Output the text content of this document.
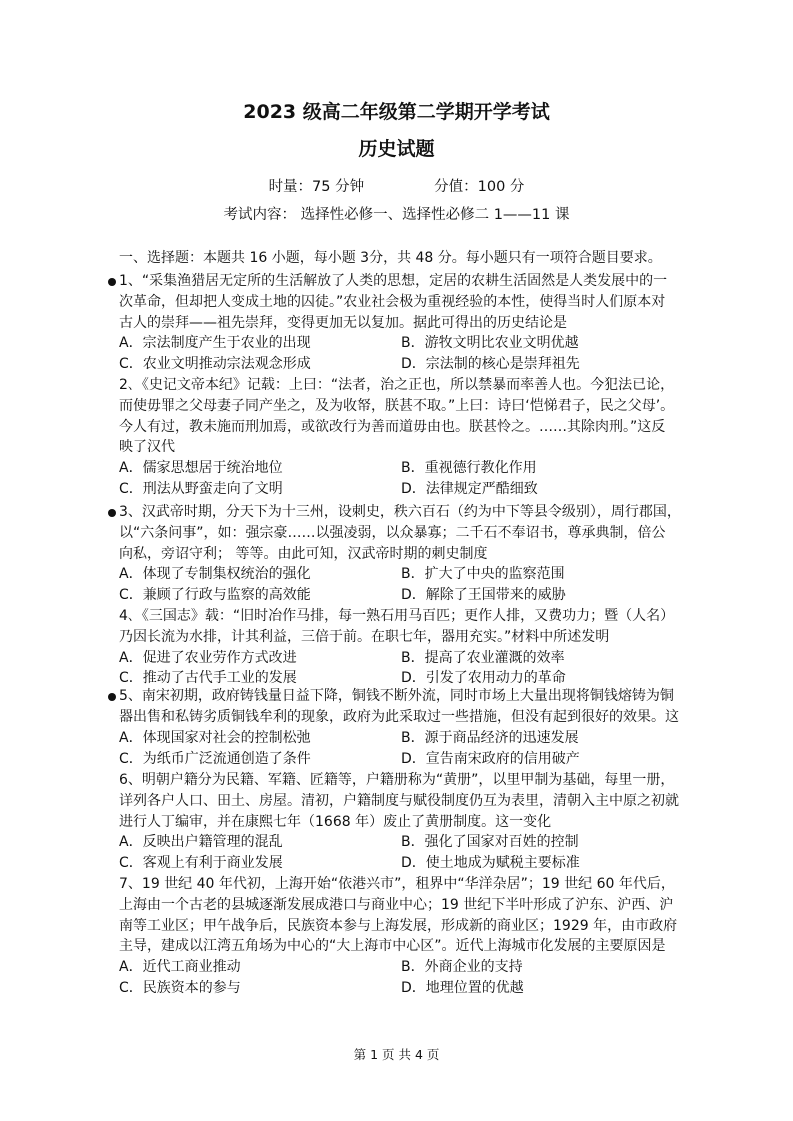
2023 级高二年级第二学期开学考试
历史试题
时量：75 分钟	分值：100 分
考试内容： 选择性必修一、选择性必修二 1——11 课
一、选择题：本题共 16 小题，每小题 3分，共 48 分。每小题只有一项符合题目要求。
1、“采集渔猎居无定所的生活解放了人类的思想，定居的农耕生活固然是人类发展中的一
次革命，但却把人变成土地的囚徒。”农业社会极为重视经验的本性，使得当时人们原本对
古人的崇拜——祖先崇拜，变得更加无以复加。据此可得出的历史结论是
A．宗法制度产生于农业的出现	B．游牧文明比农业文明优越
C．农业文明推动宗法观念形成	D．宗法制的核心是崇拜祖先
2､《史记文帝本纪》记载：上曰：“法者，治之正也，所以禁暴而率善人也。今犯法已论，
而使毋罪之父母妻子同产坐之，及为收帑，朕甚不取。”上曰：诗曰‘恺悌君子，民之父母’。
今人有过，教未施而刑加焉，或欲改行为善而道毋由也。朕甚怜之。……其除肉刑。”这反
映了汉代
A．儒家思想居于统治地位	B．重视德行教化作用
C．刑法从野蛮走向了文明	D．法律规定严酷细致
3、汉武帝时期，分天下为十三州，设刺史，秩六百石（约为中下等县令级别），周行郡国，
以“六条问事”，如：强宗豪……以强凌弱，以众暴寡；二千石不奉诏书，尊承典制，倍公
向私，旁诏守利； 等等。由此可知，汉武帝时期的刺史制度
A．体现了专制集权统治的强化	B．扩大了中央的监察范围
C．兼顾了行政与监察的高效能	D．解除了王国带来的威胁
4､《三国志》载：“旧时冶作马排，每一熟石用马百匹；更作人排，又费功力；暨（人名）
乃因长流为水排，计其利益，三倍于前。在职七年，器用充实。”材料中所述发明
A．促进了农业劳作方式改进	B．提高了农业灌溉的效率
C．推动了古代手工业的发展	D．引发了农用动力的革命
5、南宋初期，政府铸钱量日益下降，铜钱不断外流，同时市场上大量出现将铜钱熔铸为铜
器出售和私铸劣质铜钱牟利的现象，政府为此采取过一些措施，但没有起到很好的效果。这
A．体现国家对社会的控制松弛	B．源于商品经济的迅速发展
C．为纸币广泛流通创造了条件	D．宣告南宋政府的信用破产
6、明朝户籍分为民籍、军籍、匠籍等，户籍册称为“黄册”，以里甲制为基础，每里一册，
详列各户人口、田土、房屋。清初，户籍制度与赋役制度仍互为表里，清朝入主中原之初就
进行人丁编审，并在康熙七年（1668 年）废止了黄册制度。这一变化
A．反映出户籍管理的混乱	B．强化了国家对百姓的控制
C．客观上有利于商业发展	D．使土地成为赋税主要标准
7、19 世纪 40 年代初，上海开始“依港兴市”，租界中“华洋杂居”；19 世纪 60 年代后，
上海由一个古老的县城逐渐发展成港口与商业中心；19 世纪下半叶形成了沪东、沪西、沪
南等工业区；甲午战争后，民族资本参与上海发展，形成新的商业区；1929 年，由市政府
主导，建成以江湾五角场为中心的“大上海市中心区”。近代上海城市化发展的主要原因是
A．近代工商业推动	B．外商企业的支持
C．民族资本的参与	D．地理位置的优越
第 1 页 共 4 页
